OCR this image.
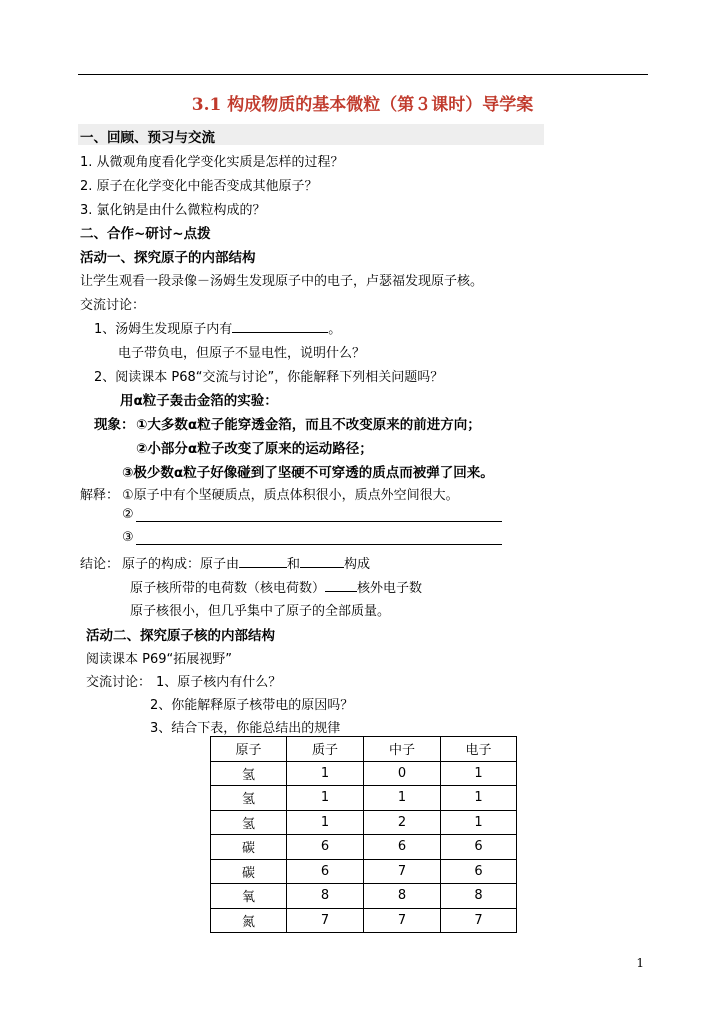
3.1 构成物质的基本微粒（第３课时）导学案
一、回顾、预习与交流
1. 从微观角度看化学变化实质是怎样的过程？
2. 原子在化学变化中能否变成其他原子？
3. 氯化钠是由什么微粒构成的？
二、合作~研讨~点拨
活动一、探究原子的内部结构
让学生观看一段录像－汤姆生发现原子中的电子，卢瑟福发现原子核。
交流讨论：
1、汤姆生发现原子内有	。
电子带负电，但原子不显电性，说明什么？
2、阅读课本 P68“交流与讨论”，你能解释下列相关问题吗？
用α粒子轰击金箔的实验：
现象： ①大多数α粒子能穿透金箔，而且不改变原来的前进方向；
②小部分α粒子改变了原来的运动路径；
③极少数α粒子好像碰到了坚硬不可穿透的质点而被弹了回来。
解释： ①原子中有个坚硬质点，质点体积很小，质点外空间很大。
②
③
结论： 原子的构成：原子由	和	构成
原子核所带的电荷数（核电荷数） 核外电子数
原子核很小，但几乎集中了原子的全部质量。
活动二、探究原子核的内部结构
阅读课本 P69“拓展视野”
交流讨论： 1、原子核内有什么？
2、你能解释原子核带电的原因吗？
3、结合下表，你能总结出的规律
原子	质子	中子	电子
氢	1	0	1
氢	1	1	1
氢	1	2	1
碳	6	6	6
碳	6	7	6
氧	8	8	8
氮	7	7	7
1
